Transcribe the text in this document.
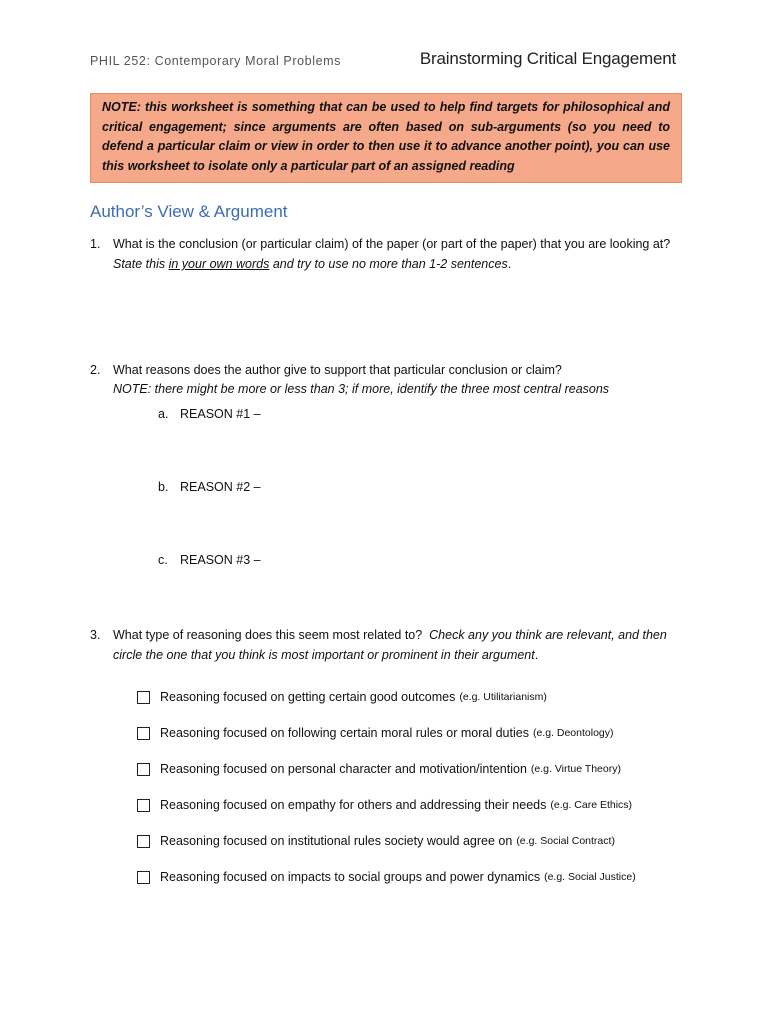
PHIL 252: Contemporary Moral Problems	Brainstorming Critical Engagement
NOTE: this worksheet is something that can be used to help find targets for philosophical and critical engagement; since arguments are often based on sub-arguments (so you need to defend a particular claim or view in order to then use it to advance another point), you can use this worksheet to isolate only a particular part of an assigned reading
Author’s View & Argument
1. What is the conclusion (or particular claim) of the paper (or part of the paper) that you are looking at?  State this in your own words and try to use no more than 1-2 sentences.
2. What reasons does the author give to support that particular conclusion or claim?
NOTE: there might be more or less than 3; if more, identify the three most central reasons
a. REASON #1 –
b. REASON #2 –
c. REASON #3 –
3. What type of reasoning does this seem most related to? Check any you think are relevant, and then circle the one that you think is most important or prominent in their argument.
Reasoning focused on getting certain good outcomes (e.g. Utilitarianism)
Reasoning focused on following certain moral rules or moral duties (e.g. Deontology)
Reasoning focused on personal character and motivation/intention (e.g. Virtue Theory)
Reasoning focused on empathy for others and addressing their needs (e.g. Care Ethics)
Reasoning focused on institutional rules society would agree on (e.g. Social Contract)
Reasoning focused on impacts to social groups and power dynamics (e.g. Social Justice)
